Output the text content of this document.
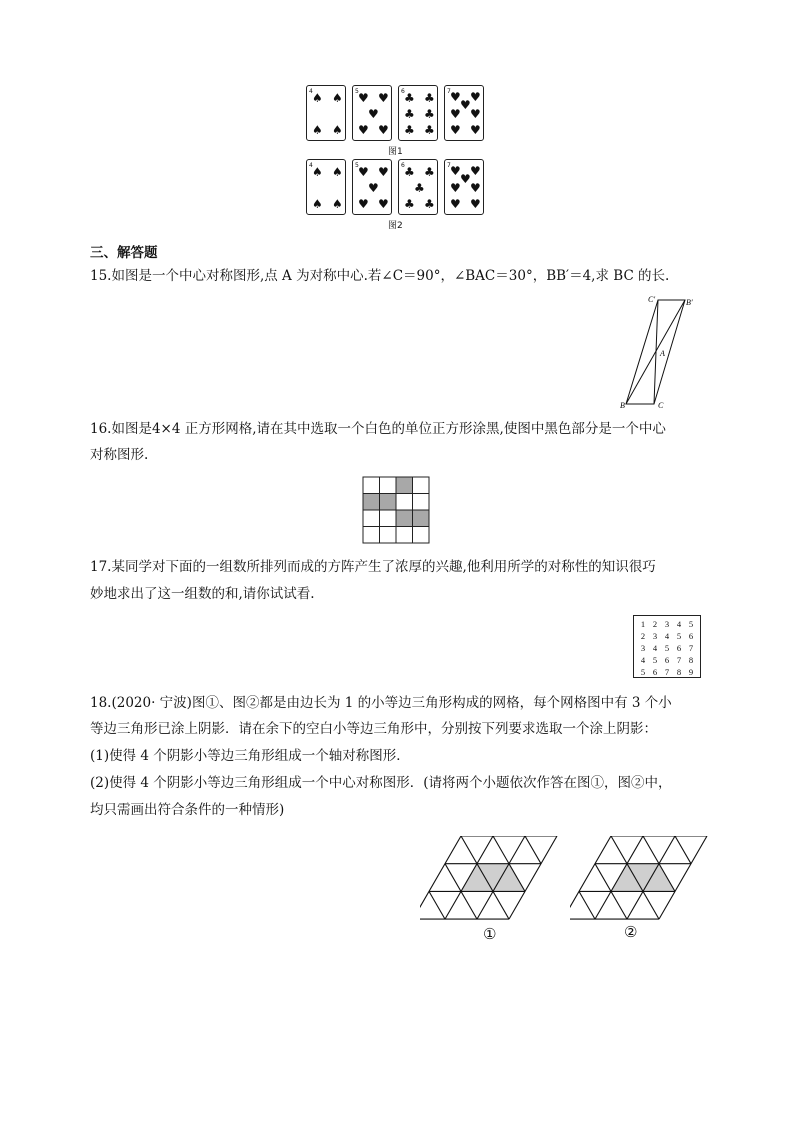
4 ♠ ♠
♠ ♠
5 ♥ ♥
♥
♥ ♥
6 ♣ ♣
♣ ♣
♣ ♣
7 ♥ ♥
♥
♥ ♥
♥ ♥
图1
4 ♠ ♠
♠ ♠
5 ♥ ♥
♥
♥ ♥
6 ♣ ♣
♣
♣ ♣
7 ♥ ♥
♥
♥ ♥
♥ ♥
图2
三、解答题
15.如图是一个中心对称图形,点 A 为对称中心.若∠C＝90°，∠BAC＝30°，BB′＝4,求 BC 的长.
C′	B′
A
B	C
16.如图是4×4 正方形网格,请在其中选取一个白色的单位正方形涂黑,使图中黑色部分是一个中心
对称图形.
17.某同学对下面的一组数所排列而成的方阵产生了浓厚的兴趣,他利用所学的对称性的知识很巧
妙地求出了这一组数的和,请你试试看.
1	2	3	4	5
2	3	4	5	6
3	4	5	6	7
4	5	6	7	8
5	6	7	8	9
18.(2020· 宁波)图①、图②都是由边长为 1 的小等边三角形构成的网格，每个网格图中有 3 个小
等边三角形已涂上阴影．请在余下的空白小等边三角形中，分别按下列要求选取一个涂上阴影：
(1)使得 4 个阴影小等边三角形组成一个轴对称图形．
(2)使得 4 个阴影小等边三角形组成一个中心对称图形．(请将两个小题依次作答在图①，图②中，
均只需画出符合条件的一种情形)
①	②
